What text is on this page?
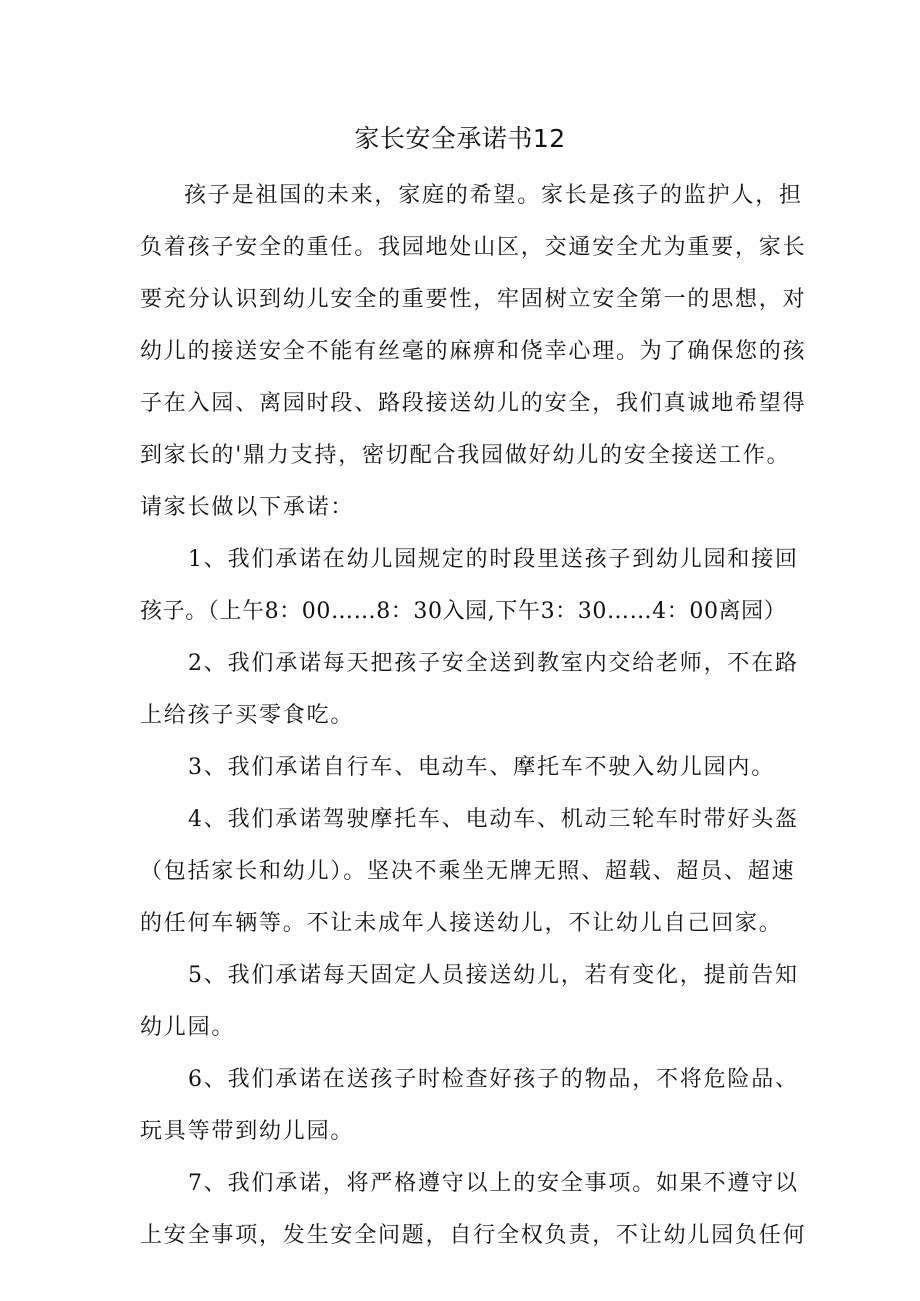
家长安全承诺书12
孩子是祖国的未来，家庭的希望。家长是孩子的监护人，担
负着孩子安全的重任。我园地处山区，交通安全尤为重要，家长
要充分认识到幼儿安全的重要性，牢固树立安全第一的思想，对
幼儿的接送安全不能有丝毫的麻痹和侥幸心理。为了确保您的孩
子在入园、离园时段、路段接送幼儿的安全，我们真诚地希望得
到家长的'鼎力支持，密切配合我园做好幼儿的安全接送工作。
请家长做以下承诺：
1、我们承诺在幼儿园规定的时段里送孩子到幼儿园和接回
孩子。（上午8：00……8：30入园,下午3：30……4：00离园）
2、我们承诺每天把孩子安全送到教室内交给老师，不在路
上给孩子买零食吃。
3、我们承诺自行车、电动车、摩托车不驶入幼儿园内。
4、我们承诺驾驶摩托车、电动车、机动三轮车时带好头盔
（包括家长和幼儿）。坚决不乘坐无牌无照、超载、超员、超速
的任何车辆等。不让未成年人接送幼儿，不让幼儿自己回家。
5、我们承诺每天固定人员接送幼儿，若有变化，提前告知
幼儿园。
6、我们承诺在送孩子时检查好孩子的物品，不将危险品、
玩具等带到幼儿园。
7、我们承诺，将严格遵守以上的安全事项。如果不遵守以
上安全事项，发生安全问题，自行全权负责，不让幼儿园负任何
